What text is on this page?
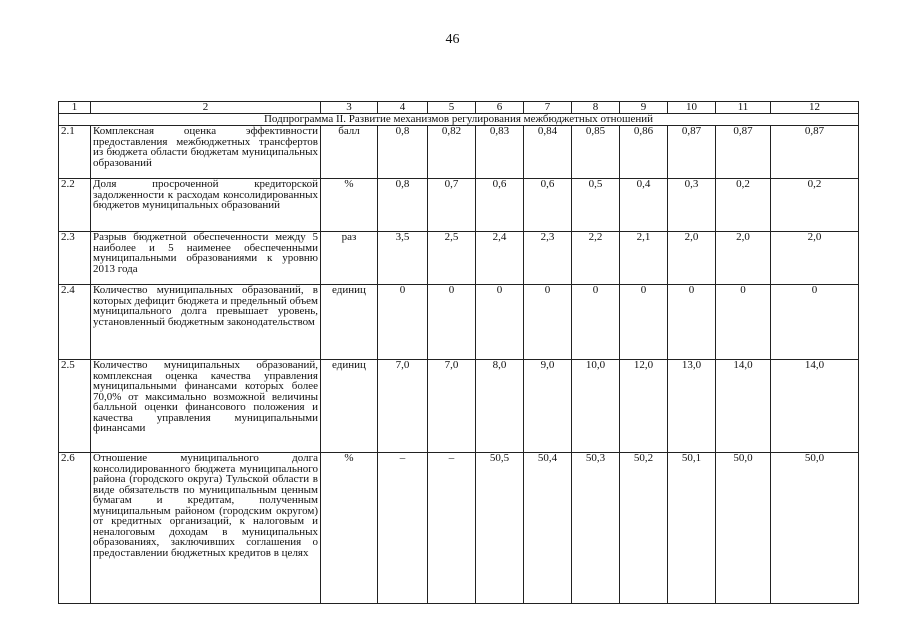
46
1	2	3	4	5	6	7	8	9	10	11	12
Подпрограмма II. Развитие механизмов регулирования межбюджетных отношений											
2.1	Комплексная оценка эффективности предоставления межбюджетных трансфертов из бюджета области бюджетам муниципальных образований	балл	0,8	0,82	0,83	0,84	0,85	0,86	0,87	0,87	0,87
2.2	Доля просроченной кредиторской задолженности к расходам консолидированных бюджетов муниципальных образований	%	0,8	0,7	0,6	0,6	0,5	0,4	0,3	0,2	0,2
2.3	Разрыв бюджетной обеспеченности между 5 наиболее и 5 наименее обеспеченными муниципальными образованиями к уровню 2013 года	раз	3,5	2,5	2,4	2,3	2,2	2,1	2,0	2,0	2,0
2.4	Количество муниципальных образований, в которых дефицит бюджета и предельный объем муниципального долга превышает уровень, установленный бюджетным законодательством	единиц	0	0	0	0	0	0	0	0	0
2.5	Количество муниципальных образований, комплексная оценка качества управления муниципальными финансами которых более 70,0% от максимально возможной величины балльной оценки финансового положения и качества управления муниципальными финансами	единиц	7,0	7,0	8,0	9,0	10,0	12,0	13,0	14,0	14,0
2.6	Отношение муниципального долга консолидированного бюджета муниципального района (городского округа) Тульской области в виде обязательств по муниципальным ценным бумагам и кредитам, полученным муниципальным районом (городским округом) от кредитных организаций, к налоговым и неналоговым доходам в муниципальных образованиях, заключивших соглашения о предоставлении бюджетных кредитов в целях	%	–	–	50,5	50,4	50,3	50,2	50,1	50,0	50,0
